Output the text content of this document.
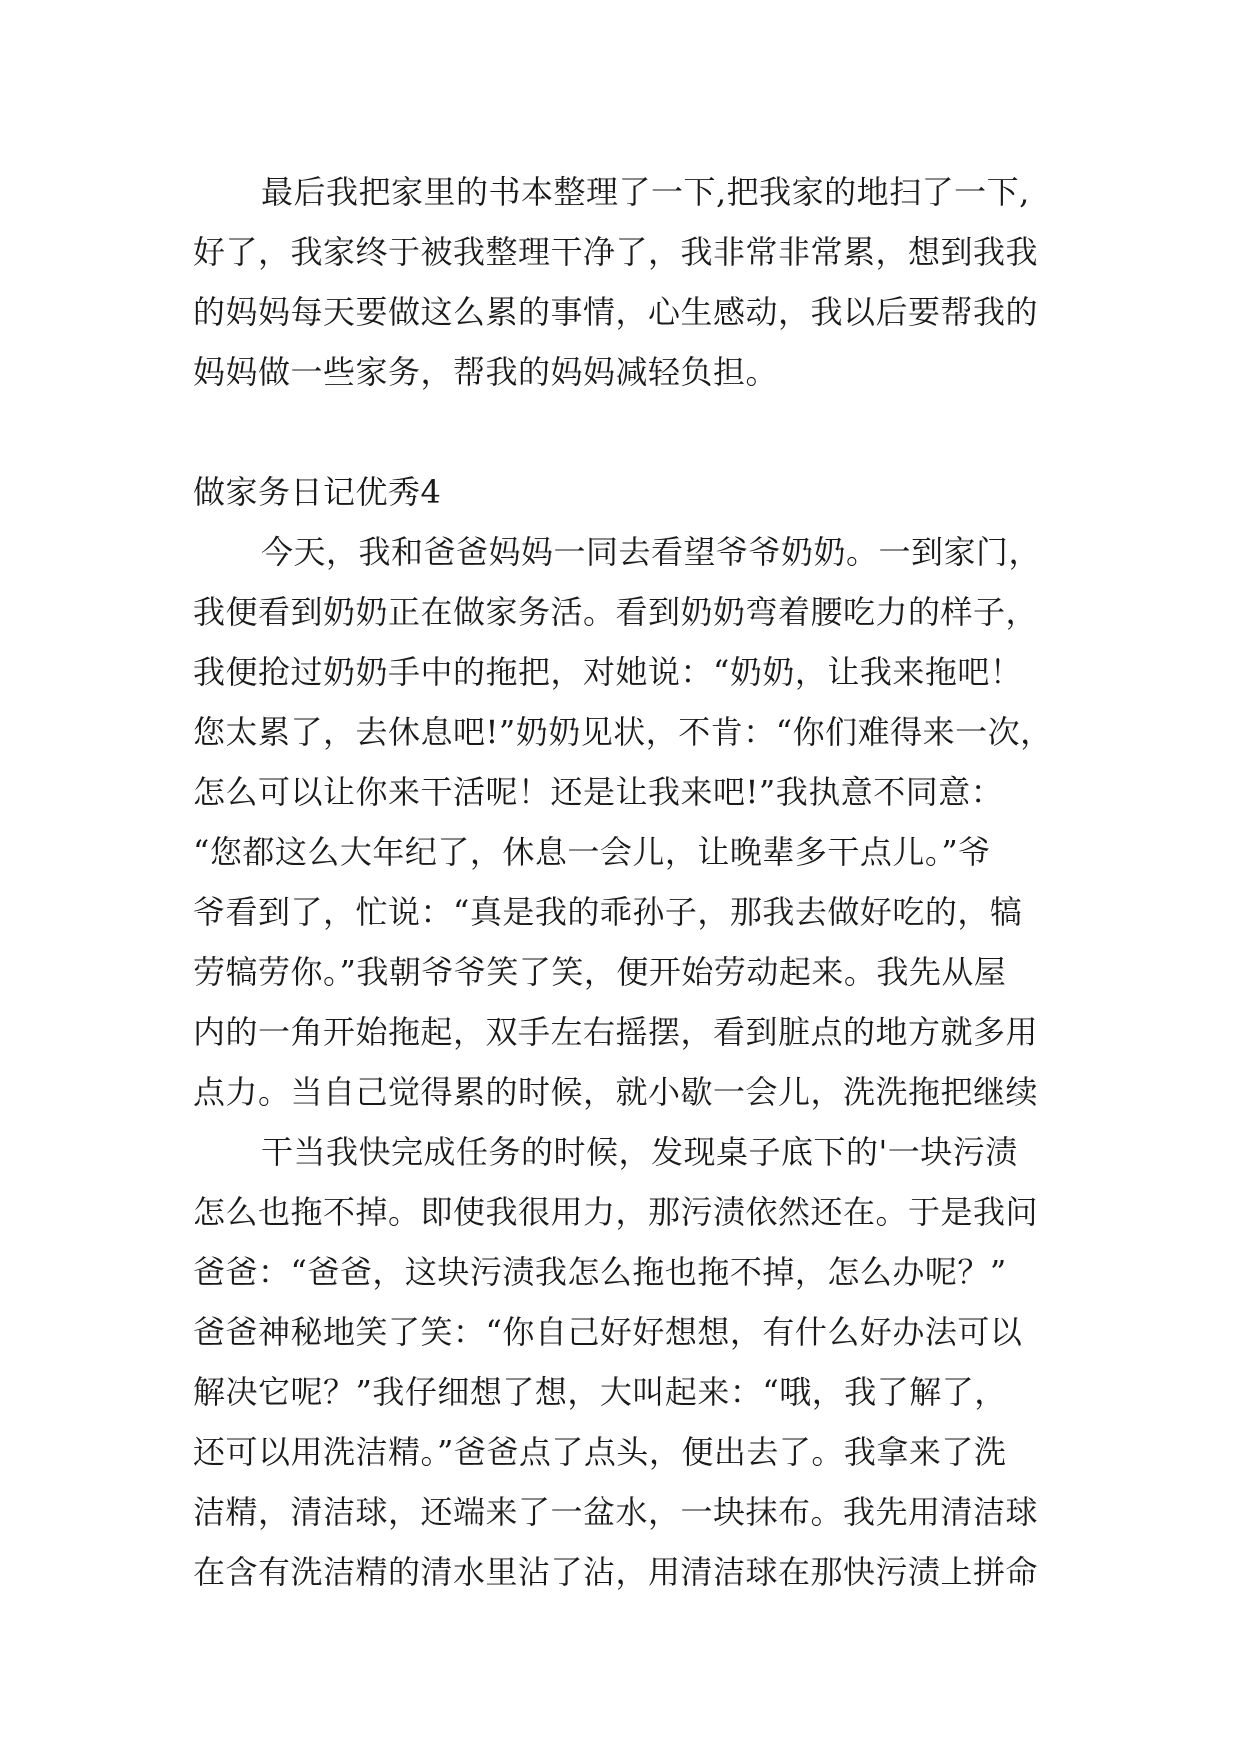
最后我把家里的书本整理了一下,把我家的地扫了一下,
好了，我家终于被我整理干净了，我非常非常累，想到我我
的妈妈每天要做这么累的事情，心生感动，我以后要帮我的
妈妈做一些家务，帮我的妈妈减轻负担。
做家务日记优秀4
今天，我和爸爸妈妈一同去看望爷爷奶奶。一到家门，
我便看到奶奶正在做家务活。看到奶奶弯着腰吃力的样子，
我便抢过奶奶手中的拖把，对她说：“奶奶，让我来拖吧！
您太累了，去休息吧!”奶奶见状，不肯：“你们难得来一次，
怎么可以让你来干活呢！还是让我来吧!”我执意不同意：
“您都这么大年纪了，休息一会儿，让晚辈多干点儿。”爷
爷看到了，忙说：“真是我的乖孙子，那我去做好吃的，犒
劳犒劳你。”我朝爷爷笑了笑，便开始劳动起来。我先从屋
内的一角开始拖起，双手左右摇摆，看到脏点的地方就多用
点力。当自己觉得累的时候，就小歇一会儿，洗洗拖把继续
干当我快完成任务的时候，发现桌子底下的'一块污渍
怎么也拖不掉。即使我很用力，那污渍依然还在。于是我问
爸爸：“爸爸，这块污渍我怎么拖也拖不掉，怎么办呢？”
爸爸神秘地笑了笑：“你自己好好想想，有什么好办法可以
解决它呢？”我仔细想了想，大叫起来：“哦，我了解了，
还可以用洗洁精。”爸爸点了点头，便出去了。我拿来了洗
洁精，清洁球，还端来了一盆水，一块抹布。我先用清洁球
在含有洗洁精的清水里沾了沾，用清洁球在那快污渍上拼命
